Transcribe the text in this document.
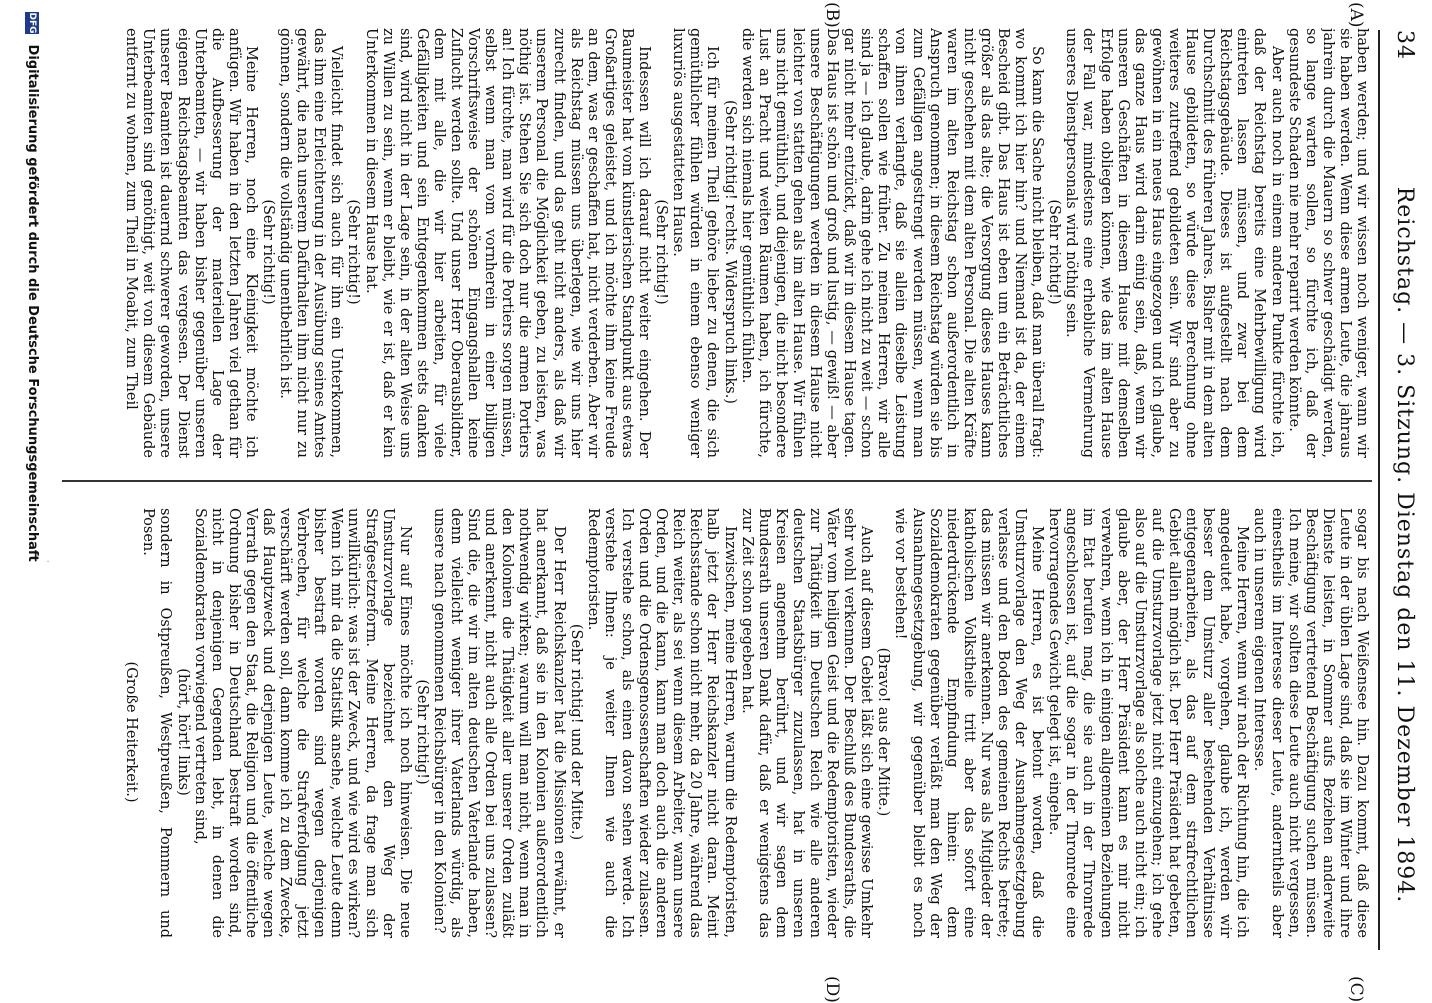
34
Reichstag. — 3. Sitzung. Dienstag den 11. Dezember 1894.
(A)
(B)
(C)
(D)

haben werden; und wir wissen noch weniger, wann wir sie haben werden. Wenn diese armen Leute, die jahraus jahrein durch die Mauern so schwer geschädigt werden, so lange warten sollen, so fürchte ich, daß der gesundeste Schaden nie mehr reparirt werden könnte.

Aber auch noch in einem anderen Punkte fürchte ich, daß der Reichstag bereits eine Mehrbewilligung wird eintreten lassen müssen, und zwar bei dem Reichstagsgebäude. Dieses ist aufgestellt nach dem Durchschnitt des früheren Jahres. Bisher mit in dem alten Hause gebildeten, so würde diese Berechnung ohne weiteres zutreffend gebildeten sein. Wir sind aber zu gewöhnen in ein neues Haus eingezogen und ich glaube, das ganze Haus wird darin einig sein, daß, wenn wir unseren Geschäften in diesem Hause mit demselben Erfolge haben obliegen können, wie das im alten Hause der Fall war, mindestens eine erhebliche Vermehrung unseres Dienstpersonals wird nöthig sein.

(Sehr richtig!)

So kann die Sache nicht bleiben, daß man überall fragt: wo kommt ich hier hin? und Niemand ist da, der einem Bescheid gibt. Das Haus ist eben um ein Beträchtliches größer als das alte; die Versorgung dieses Hauses kann nicht geschehen mit dem alten Personal. Die alten Kräfte waren im alten Reichstag schon außerordentlich in Anspruch genommen; in diesem Reichstag würden sie bis zum Gefälligen angestrengt werden müssen, wenn man von ihnen verlangte, daß sie allein dieselbe Leistung schaffen sollen wie früher. Zu meinen Herren, wir alle sind ja — ich glaube, darin gehe ich nicht zu weit — schon gar nicht mehr entzückt, daß wir in diesem Hause tagen. Das Haus ist schön und groß und lustig, — gewiß! — aber unsere Beschäftigungen werden in diesem Hause nicht leichter von statten gehen als im alten Hause. Wir fühlen uns nicht gemüthlich, und diejenigen, die nicht besondere Lust an Pracht und weiten Räumen haben, ich fürchte, die werden sich niemals hier gemüthlich fühlen.

(Sehr richtig! rechts. Widerspruch links.)

Ich für meinen Theil gehöre lieber zu denen, die sich gemüthlicher fühlen würden in einem ebenso weniger luxuriös ausgestatteten Hause.

(Sehr richtig!)

Indessen will ich darauf nicht weiter eingehen. Der Baumeister hat vom künstlerischen Standpunkt aus etwas Großartiges geleistet, und ich möchte ihm keine Freude an dem, was er geschaffen hat, nicht verderben. Aber wir als Reichstag müssen uns überlegen, wie wir uns hier zurecht finden, und das geht nicht anders, als daß wir unserem Personal die Möglichkeit geben, zu leisten, was nöthig ist. Stehen Sie sich doch nur die armen Portiers an! Ich fürchte, man wird für die Portiers sorgen müssen, selbst wenn man vom vornherein in einer billigen Vorschriftsweise der schönen Eingangshallen keine Zuflucht werden sollte. Und unser Herr Oberausbildner, dem mit alle, die wir hier arbeiten, für viele Gefälligkeiten und sein Entgegenkommen stets danken sind, wird nicht in der Lage sein, in der alten Weise uns zu Willen zu sein, wenn er bleibt, wie er ist, daß er kein Unterkommen in diesem Hause hat.

(Sehr richtig!)

Vielleicht findet sich auch für ihn ein Unterkommen, das ihm eine Erleichterung in der Ausübung seines Amtes gewährt, die nach unserem Dafürhalten ihm nicht nur zu gönnen, sondern die vollständig unentbehrlich ist.

(Sehr richtig!)

Meine Herren, noch eine Kleinigkeit möchte ich anfügen. Wir haben in den letzten Jahren viel gethan für die Aufbesserung der materiellen Lage der Unterbeamten, — wir haben bisher gegenüber unseren eigenen Reichstagsbeamten das vergessen. Der Dienst unserer Beamten ist dauernd schwerer geworden, unsere Unterbeamten sind genöthigt, weit von diesem Gebäude entfernt zu wohnen, zum Theil in Moabit, zum Theil

sogar bis nach Weißensee hin. Dazu kommt, daß diese Leute in der üblen Lage sind, daß sie im Winter und ihre Dienste leisten, in Sommer aufs Beziehen anderweite Beschäftigung vertretend Beschäftigung suchen müssen. Ich meine, wir sollten diese Leute auch nicht vergessen, einestheils im Interesse dieser Leute, anderntheils aber auch in unserem eigenen Interesse.

Meine Herren, wenn wir nach der Richtung hin, die ich angedeutet habe, vorgehen, glaube ich, werden wir besser dem Umsturz aller bestehenden Verhältnisse entgegenarbeiten, als das auf dem strafrechtlichen Gebiet allein möglich ist. Der Herr Präsident hat gebeten, auf die Umsturzvorlage jetzt nicht einzugehen; ich gehe also auf die Umsturzvorlage als solche auch nicht ein; ich glaube aber, der Herr Präsident kann es mir nicht verwehren, wenn ich in einigen allgemeinen Beziehungen im Etat berufen mag, die sie auch in der Thronrede angeschlossen ist, auf die sogar in der Thronrede eine hervorragendes Gewicht gelegt ist, eingehe.

Meine Herren, es ist betont worden, daß die Umsturzvorlage den Weg der Ausnahmegesetzgebung verlasse und den Boden des gemeinen Rechts betrete; das müssen wir anerkennen. Nur was als Mitglieder der katholischen Volkstheile tritt aber das sofort eine niederdrückende Empfindung hinein: dem Sozialdemokraten gegenüber verläßt man den Weg der Ausnahmegesetzgebung, wir gegenüber bleibt es noch wie vor bestehen!

(Bravo! aus der Mitte.)

Auch auf diesem Gebiet läßt sich eine gewisse Umkehr sehr wohl verkennen. Der Beschluß des Bundesraths, die Väter vom heiligen Geist und die Redemptoristen, wieder zur Thätigkeit im Deutschen Reich wie alle anderen deutschen Staatsbürger zuzulassen, hat in unseren Kreisen angenehm berührt, und wir sagen dem Bundesrath unseren Dank dafür, daß er wenigstens das zur Zeit schon gegeben hat.

Inzwischen, meine Herren, warum die Redemptoristen, halb jetzt der Herr Reichskanzler nicht daran. Meint Reichsstande schon nicht mehr, da 20 Jahre, während das Reich weiter, als sei wenn diesem Arbeiter, wann unsere Orden, und die kann, kann man doch auch die anderen Orden und die Ordensgenossenschaften wieder zulassen. Ich verstehe schon, als einen davon sehen werde. Ich verstehe Ihnen: je weiter Ihnen wie auch die Redemptoristen.

(Sehr richtig! und der Mitte.)

Der Herr Reichskanzler hat die Missionen erwähnt, er hat anerkannt, daß sie in den Kolonien außerordentlich nothwendig wirken; warum will man nicht, wenn man in den Kolonien die Thätigkeit aller unserer Orden zuläßt und anerkennt, nicht auch alle Orden bei uns zulassen? Sind die, die wir im alten deutschen Vaterlande haben, denn vielleicht weniger ihrer Vaterlands würdig, als unsere nach genommenen Reichsbürger in den Kolonien?

(Sehr richtig!)

Nur auf Eines möchte ich noch hinweisen. Die neue Umsturzvorlage bezeichnet den Weg der Strafgesetzreform. Meine Herren, da frage man sich unwillkürlich: was ist der Zweck, und wie wird es wirken? Wenn ich mir da die Statistik ansehe, welche Leute denn bisher bestraft worden sind wegen derjenigen Verbrechen, für welche die Strafverfolgung jetzt verschärft werden soll, dann komme ich zu dem Zwecke, daß Hauptzweck und derjenigen Leute, welche wegen Verrath gegen den Staat, die Religion und die öffentliche Ordnung bisher in Deutschland bestraft worden sind, nicht in denjenigen Gegenden lebt, in denen die Sozialdemokraten vorwiegend vertreten sind,

(hört, hört! links)

sondern in Ostpreußen, Westpreußen, Pommern und Posen.

(Große Heiterkeit.)

·
DFG Digitalisierung gefördert durch die Deutsche Forschungsgemeinschaft
